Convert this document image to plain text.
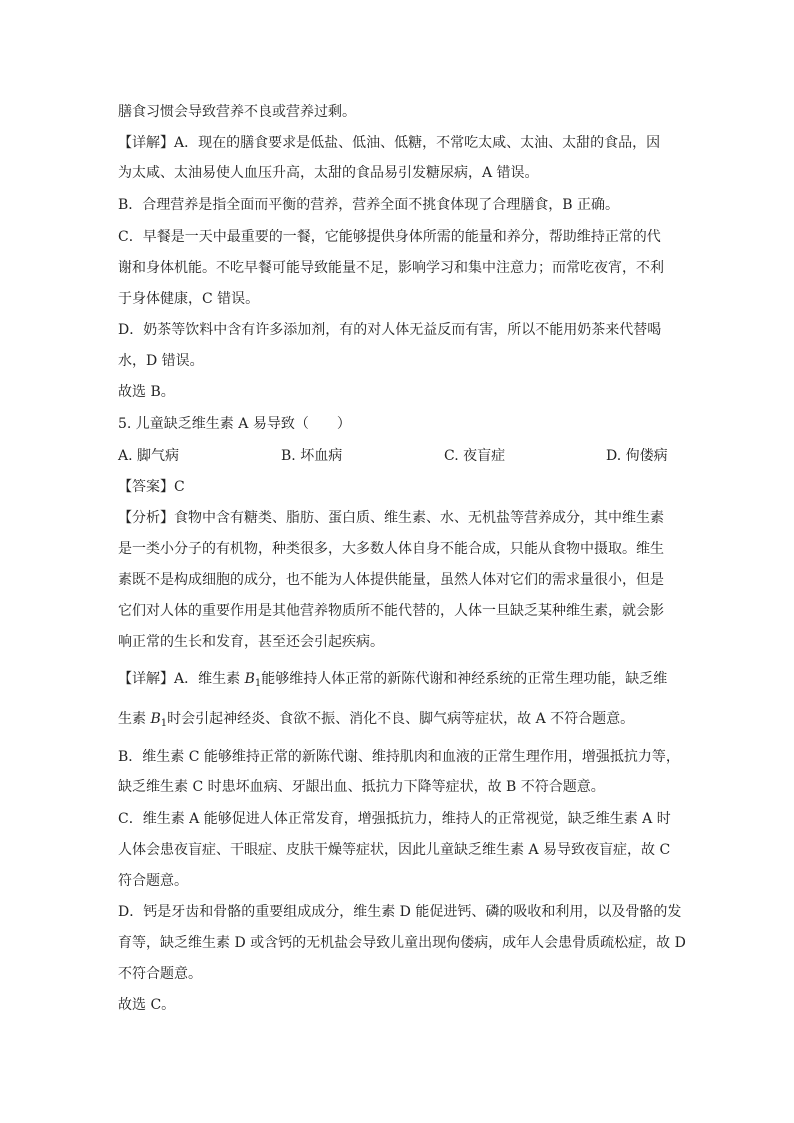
膳食习惯会导致营养不良或营养过剩。
【详解】A．现在的膳食要求是低盐、低油、低糖，不常吃太咸、太油、太甜的食品，因
为太咸、太油易使人血压升高，太甜的食品易引发糖尿病，A 错误。
B．合理营养是指全面而平衡的营养，营养全面不挑食体现了合理膳食，B 正确。
C．早餐是一天中最重要的一餐，它能够提供身体所需的能量和养分，帮助维持正常的代
谢和身体机能。不吃早餐可能导致能量不足，影响学习和集中注意力；而常吃夜宵，不利
于身体健康，C 错误。
D．奶茶等饮料中含有许多添加剂，有的对人体无益反而有害，所以不能用奶茶来代替喝
水，D 错误。
故选 B。
5. 儿童缺乏维生素 A 易导致（　　）
A. 脚气病	B. 坏血病	C. 夜盲症	D. 佝偻病
【答案】C
【分析】食物中含有糖类、脂肪、蛋白质、维生素、水、无机盐等营养成分，其中维生素
是一类小分子的有机物，种类很多，大多数人体自身不能合成，只能从食物中摄取。维生
素既不是构成细胞的成分，也不能为人体提供能量，虽然人体对它们的需求量很小，但是
它们对人体的重要作用是其他营养物质所不能代替的，人体一旦缺乏某种维生素，就会影
响正常的生长和发育，甚至还会引起疾病。
【详解】A．维生素 $B_1$能够维持人体正常的新陈代谢和神经系统的正常生理功能，缺乏维
生素 $B_1$时会引起神经炎、食欲不振、消化不良、脚气病等症状，故 A 不符合题意。
B．维生素 C 能够维持正常的新陈代谢、维持肌肉和血液的正常生理作用，增强抵抗力等，
缺乏维生素 C 时患坏血病、牙龈出血、抵抗力下降等症状，故 B 不符合题意。
C．维生素 A 能够促进人体正常发育，增强抵抗力，维持人的正常视觉，缺乏维生素 A 时
人体会患夜盲症、干眼症、皮肤干燥等症状，因此儿童缺乏维生素 A 易导致夜盲症，故 C
符合题意。
D．钙是牙齿和骨骼的重要组成成分，维生素 D 能促进钙、磷的吸收和利用，以及骨骼的发
育等，缺乏维生素 D 或含钙的无机盐会导致儿童出现佝偻病，成年人会患骨质疏松症，故 D
不符合题意。
故选 C。
